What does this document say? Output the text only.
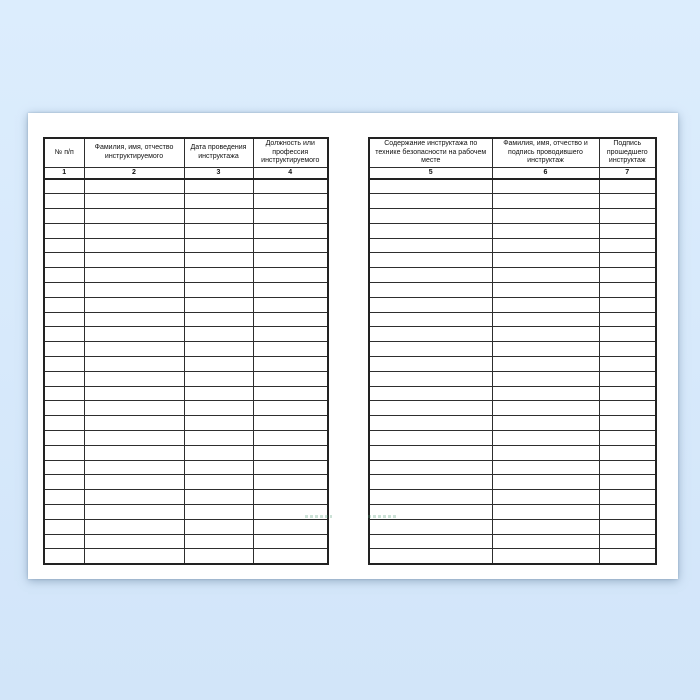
№ п/п	Фамилия, имя, отчество инструктируемого	Дата проведения инструктажа	Должность или профессия инструктируемого
1	2	3	4

Содержание инструктажа по технике безопасности на рабочем месте	Фамилия, имя, отчество и подпись проводившего инструктаж	Подпись прошедшего инструктаж
5	6	7
